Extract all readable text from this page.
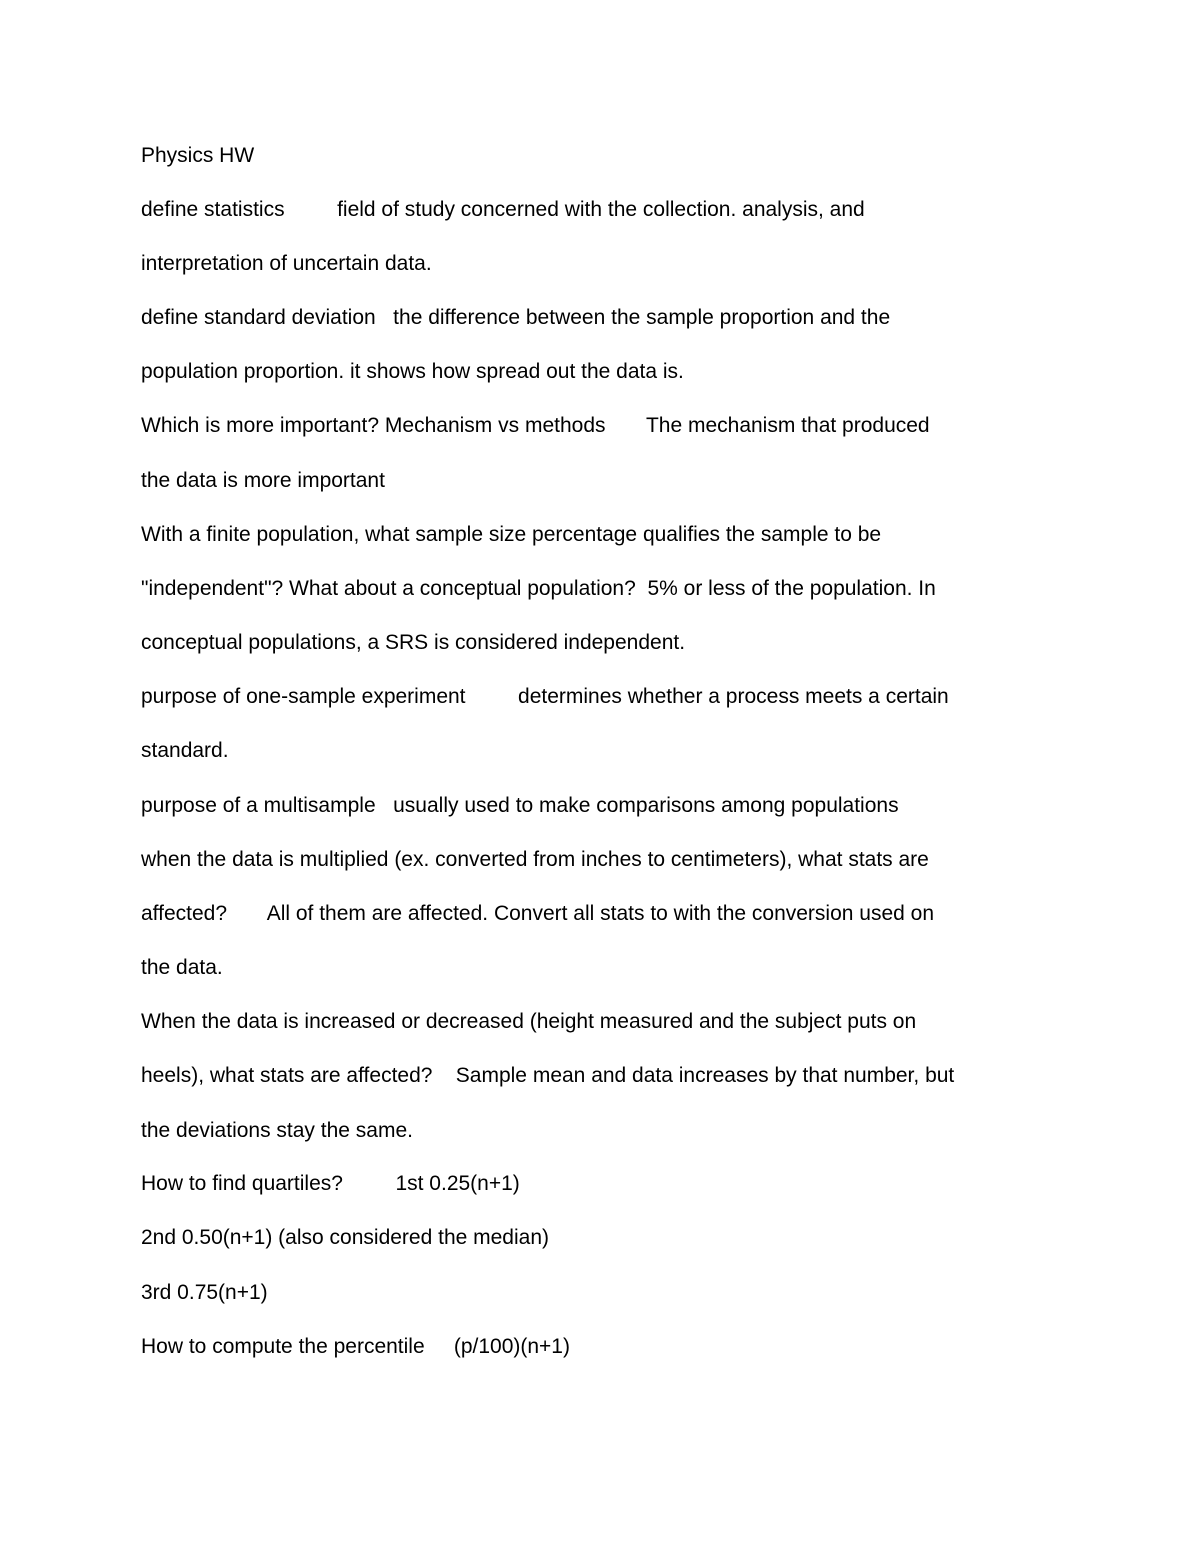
Physics HW
define statistics         field of study concerned with the collection. analysis, and
interpretation of uncertain data.
define standard deviation   the difference between the sample proportion and the
population proportion. it shows how spread out the data is.
Which is more important? Mechanism vs methods       The mechanism that produced
the data is more important
With a finite population, what sample size percentage qualifies the sample to be
"independent"? What about a conceptual population?  5% or less of the population. In
conceptual populations, a SRS is considered independent.
purpose of one-sample experiment         determines whether a process meets a certain
standard.
purpose of a multisample   usually used to make comparisons among populations
when the data is multiplied (ex. converted from inches to centimeters), what stats are
affected?       All of them are affected. Convert all stats to with the conversion used on
the data.
When the data is increased or decreased (height measured and the subject puts on
heels), what stats are affected?    Sample mean and data increases by that number, but
the deviations stay the same.
How to find quartiles?         1st 0.25(n+1)
2nd 0.50(n+1) (also considered the median)
3rd 0.75(n+1)
How to compute the percentile     (p/100)(n+1)
